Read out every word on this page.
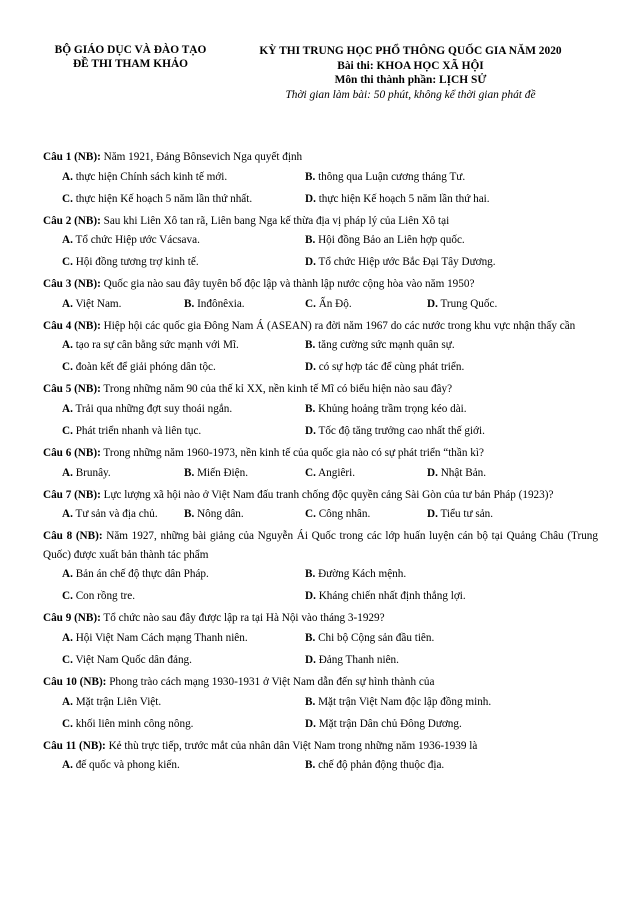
BỘ GIÁO DỤC VÀ ĐÀO TẠO
ĐỀ THI THAM KHẢO
KỲ THI TRUNG HỌC PHỔ THÔNG QUỐC GIA NĂM 2020
Bài thi: KHOA HỌC XÃ HỘI
Môn thi thành phần: LỊCH SỬ
Thời gian làm bài: 50 phút, không kể thời gian phát đề
Câu 1 (NB): Năm 1921, Đảng Bônsevich Nga quyết định
A. thực hiện Chính sách kinh tế mới.	B. thông qua Luận cương tháng Tư.
C. thực hiện Kế hoạch 5 năm lần thứ nhất.	D. thực hiện Kế hoạch 5 năm lần thứ hai.
Câu 2 (NB): Sau khi Liên Xô tan rã, Liên bang Nga kế thừa địa vị pháp lý của Liên Xô tại
A. Tổ chức Hiệp ước Vácsava.	B. Hội đồng Bảo an Liên hợp quốc.
C. Hội đồng tương trợ kinh tế.	D. Tổ chức Hiệp ước Bắc Đại Tây Dương.
Câu 3 (NB): Quốc gia nào sau đây tuyên bố độc lập và thành lập nước cộng hòa vào năm 1950?
A. Việt Nam.	B. Inđônêxia.	C. Ấn Độ.	D. Trung Quốc.
Câu 4 (NB): Hiệp hội các quốc gia Đông Nam Á (ASEAN) ra đời năm 1967 do các nước trong khu vực nhận thấy cần
A. tạo ra sự cân bằng sức mạnh với Mĩ.	B. tăng cường sức mạnh quân sự.
C. đoàn kết để giải phóng dân tộc.	D. có sự hợp tác để cùng phát triển.
Câu 5 (NB): Trong những năm 90 của thế kỉ XX, nền kinh tế Mĩ có biểu hiện nào sau đây?
A. Trải qua những đợt suy thoái ngắn.	B. Khủng hoảng trầm trọng kéo dài.
C. Phát triển nhanh và liên tục.	D. Tốc độ tăng trưởng cao nhất thế giới.
Câu 6 (NB): Trong những năm 1960-1973, nền kinh tế của quốc gia nào có sự phát triển “thần kì?
A. Brunây.	B. Miến Điện.	C. Angiêri.	D. Nhật Bản.
Câu 7 (NB): Lực lượng xã hội nào ở Việt Nam đấu tranh chống độc quyền cảng Sài Gòn của tư bản Pháp (1923)?
A. Tư sản và địa chủ. B. Nông dân.	C. Công nhân.	D. Tiểu tư sản.
Câu 8 (NB): Năm 1927, những bài giảng của Nguyễn Ái Quốc trong các lớp huấn luyện cán bộ tại Quảng Châu (Trung Quốc) được xuất bản thành tác phẩm
A. Bản án chế độ thực dân Pháp.	B. Đường Kách mệnh.
C. Con rồng tre.	D. Kháng chiến nhất định thắng lợi.
Câu 9 (NB): Tổ chức nào sau đây được lập ra tại Hà Nội vào tháng 3-1929?
A. Hội Việt Nam Cách mạng Thanh niên.	B. Chi bộ Cộng sản đầu tiên.
C. Việt Nam Quốc dân đảng.	D. Đảng Thanh niên.
Câu 10 (NB): Phong trào cách mạng 1930-1931 ở Việt Nam dẫn đến sự hình thành của
A. Mặt trận Liên Việt.	B. Mặt trận Việt Nam độc lập đồng minh.
C. khối liên minh công nông.	D. Mặt trận Dân chủ Đông Dương.
Câu 11 (NB): Kẻ thù trực tiếp, trước mắt của nhân dân Việt Nam trong những năm 1936-1939 là
A. đế quốc và phong kiến.	B. chế độ phản động thuộc địa.
